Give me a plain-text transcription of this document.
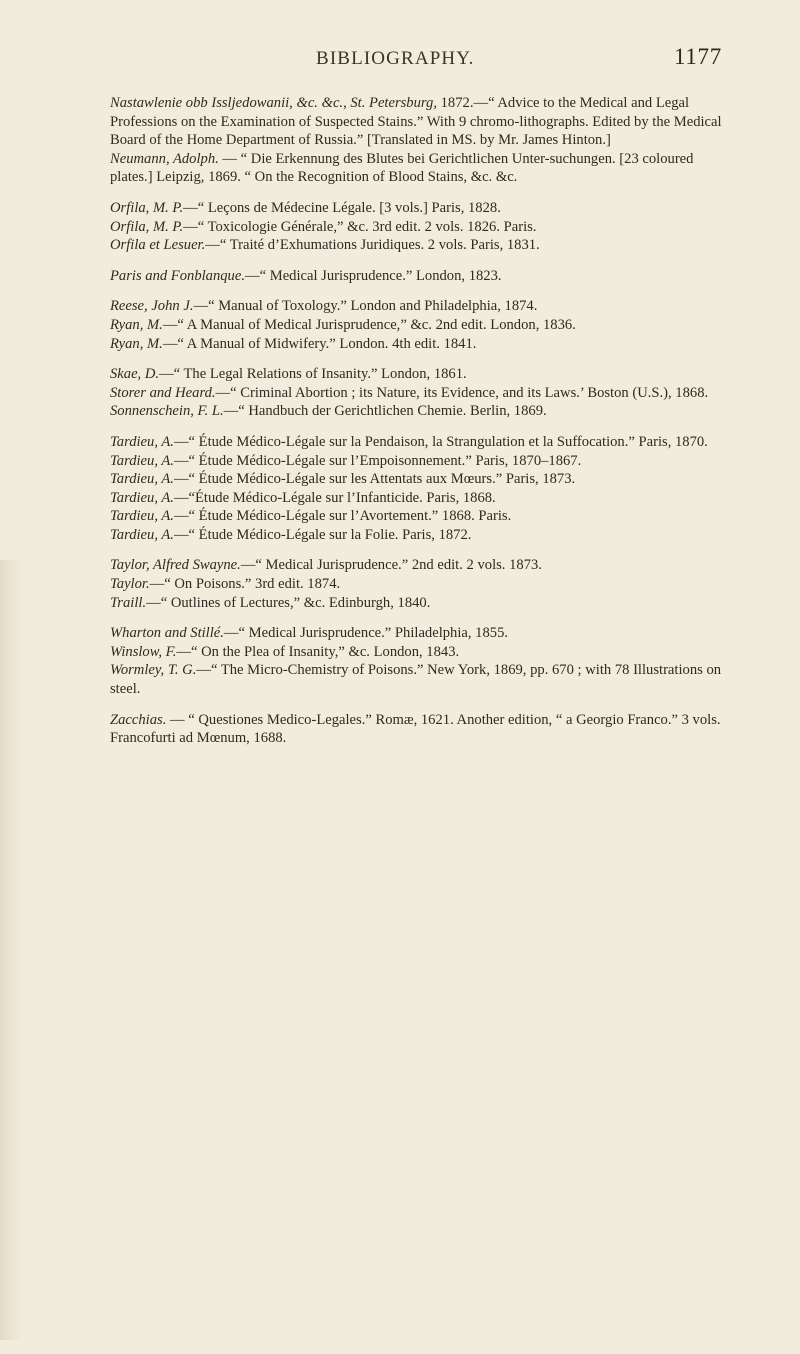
BIBLIOGRAPHY.	1177

Nastawlenie obb Issljedowanii, &c. &c., St. Petersburg, 1872.—“ Advice to the Medical and Legal Professions on the Examination of Suspected Stains.” With 9 chromo-lithographs. Edited by the Medical Board of the Home Department of Russia.” [Translated in MS. by Mr. James Hinton.]

Neumann, Adolph. — “ Die Erkennung des Blutes bei Gerichtlichen Unter-suchungen. [23 coloured plates.] Leipzig, 1869. “ On the Recognition of Blood Stains, &c. &c.

Orfila, M. P.—“ Leçons de Médecine Légale. [3 vols.] Paris, 1828.

Orfila, M. P.—“ Toxicologie Générale,” &c. 3rd edit. 2 vols. 1826. Paris.

Orfila et Lesuer.—“ Traité d’Exhumations Juridiques. 2 vols. Paris, 1831.

Paris and Fonblanque.—“ Medical Jurisprudence.” London, 1823.

Reese, John J.—“ Manual of Toxology.” London and Philadelphia, 1874.

Ryan, M.—“ A Manual of Medical Jurisprudence,” &c. 2nd edit. London, 1836.

Ryan, M.—“ A Manual of Midwifery.” London. 4th edit. 1841.

Skae, D.—“ The Legal Relations of Insanity.” London, 1861.

Storer and Heard.—“ Criminal Abortion ; its Nature, its Evidence, and its Laws.’ Boston (U.S.), 1868.

Sonnenschein, F. L.—“ Handbuch der Gerichtlichen Chemie. Berlin, 1869.

Tardieu, A.—“ Étude Médico-Légale sur la Pendaison, la Strangulation et la Suffocation.” Paris, 1870.

Tardieu, A.—“ Étude Médico-Légale sur l’Empoisonnement.” Paris, 1870–1867.

Tardieu, A.—“ Étude Médico-Légale sur les Attentats aux Mœurs.” Paris, 1873.

Tardieu, A.—“Étude Médico-Légale sur l’Infanticide. Paris, 1868.

Tardieu, A.—“ Étude Médico-Légale sur l’Avortement.” 1868. Paris.

Tardieu, A.—“ Étude Médico-Légale sur la Folie. Paris, 1872.

Taylor, Alfred Swayne.—“ Medical Jurisprudence.” 2nd edit. 2 vols. 1873.

Taylor.—“ On Poisons.” 3rd edit. 1874.

Traill.—“ Outlines of Lectures,” &c. Edinburgh, 1840.

Wharton and Stillé.—“ Medical Jurisprudence.” Philadelphia, 1855.

Winslow, F.—“ On the Plea of Insanity,” &c. London, 1843.

Wormley, T. G.—“ The Micro-Chemistry of Poisons.” New York, 1869, pp. 670 ; with 78 Illustrations on steel.

Zacchias. — “ Questiones Medico-Legales.” Romæ, 1621. Another edition, “ a Georgio Franco.” 3 vols. Francofurti ad Mœnum, 1688.
